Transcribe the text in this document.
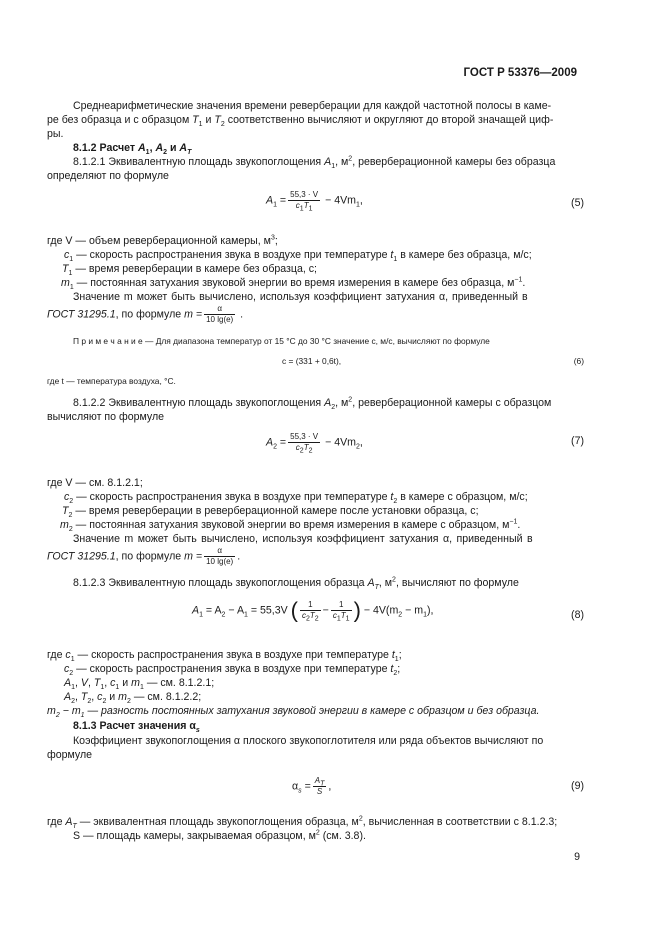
ГОСТ Р 53376—2009
Среднеарифметические значения времени реверберации для каждой частотной полосы в каме-
ре без образца и с образцом $T_1$ и $T_2$ соответственно вычисляют и округляют до второй значащей циф-
ры.
8.1.2 Расчет $A_1$, $A_2$ и $A_T$
8.1.2.1 Эквивалентную площадь звукопоглощения $A_1$, $м^2$, реверберационной камеры без образца
определяют по формуле
$A_1 = \frac{55,3 \cdot V}{c_1T_1} - 4Vm_1$,	(5)
где V — объем реверберационной камеры, $м^3$;
$c_1$ — скорость распространения звука в воздухе при температуре $t_1$ в камере без образца, м/с;
$T_1$ — время реверберации в камере без образца, с;
$m_1$ — постоянная затухания звуковой энергии во время измерения в камере без образца, $м^{-1}$.
Значение m может быть вычислено, используя коэффициент затухания α, приведенный в
ГОСТ 31295.1, по формуле $m = \frac{\alpha}{10 \lg(e)}$ .
П р и м е ч а н и е — Для диапазона температур от 15 °С до 30 °С значение c, м/с, вычисляют по формуле
c = (331 + 0,6t),	(6)
где t — температура воздуха, °С.
8.1.2.2 Эквивалентную площадь звукопоглощения $A_2$, $м^2$, реверберационной камеры с образцом
вычисляют по формуле
$A_2 = \frac{55,3 \cdot V}{c_2T_2} - 4Vm_2$,	(7)
где V — см. 8.1.2.1;
$c_2$ — скорость распространения звука в воздухе при температуре $t_2$ в камере с образцом, м/с;
$T_2$ — время реверберации в реверберационной камере после установки образца, с;
$m_2$ — постоянная затухания звуковой энергии во время измерения в камере с образцом, $м^{-1}$.
Значение m может быть вычислено, используя коэффициент затухания α, приведенный в
ГОСТ 31295.1, по формуле $m = \frac{\alpha}{10 \lg(e)}$ .
8.1.2.3 Эквивалентную площадь звукопоглощения образца $A_T$, $м^2$, вычисляют по формуле
$A_1 = A_2 - A_1 = 55,3V$ ( $\frac{1}{c_2T_2} - \frac{1}{c_1T_1}$ ) − $4V(m_2 - m_1)$,	(8)
где $c_1$ — скорость распространения звука в воздухе при температуре $t_1$;
$c_2$ — скорость распространения звука в воздухе при температуре $t_2$;
$A_1$, V, $T_1$, $c_1$ и $m_1$ — см. 8.1.2.1;
$A_2$, $T_2$, $c_2$ и $m_2$ — см. 8.1.2.2;
$m_2 - m_1$ — разность постоянных затухания звуковой энергии в камере с образцом и без образца.
8.1.3 Расчет значения $\alpha_s$
Коэффициент звукопоглощения α плоского звукопоглотителя или ряда объектов вычисляют по
формуле
$\alpha_s = \frac{A_T}{S}$ ,	(9)
где $A_T$ — эквивалентная площадь звукопоглощения образца, $м^2$, вычисленная в соответствии с 8.1.2.3;
S — площадь камеры, закрываемая образцом, $м^2$ (см. 3.8).
9
